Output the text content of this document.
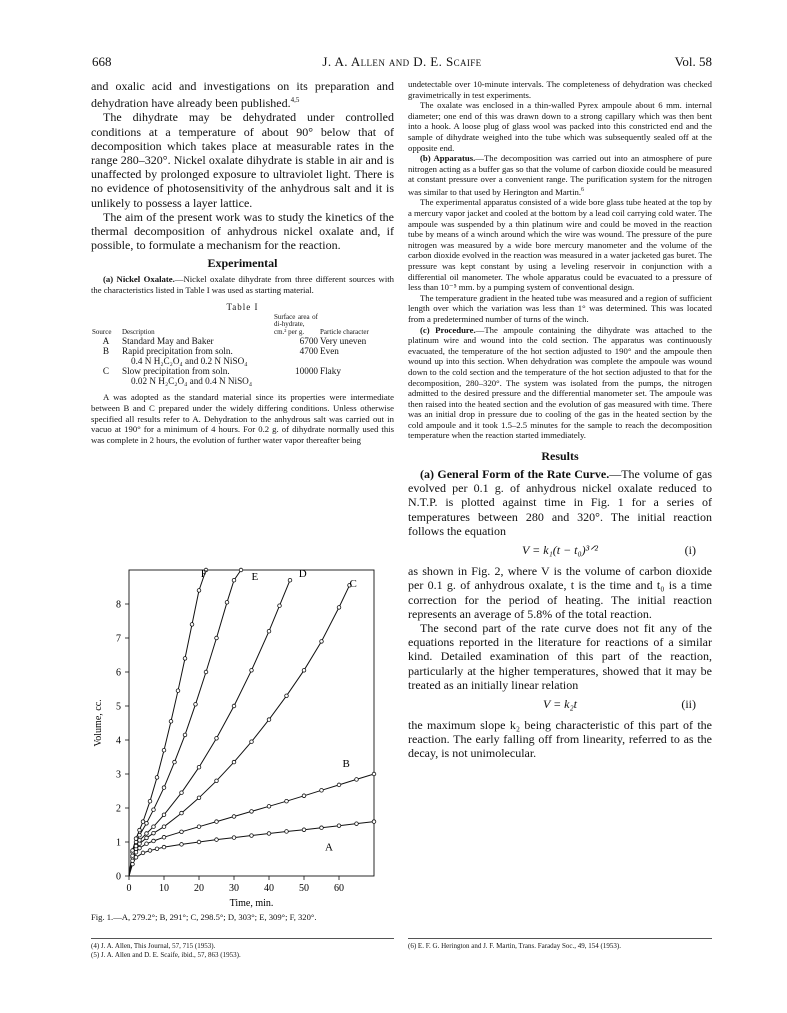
668	J. A. Allen and D. E. Scaife	Vol. 58

and oxalic acid and investigations on its preparation and dehydration have already been published.$^{4,5}$

The dihydrate may be dehydrated under controlled conditions at a temperature of about 90° below that of decomposition which takes place at measurable rates in the range 280–320°. Nickel oxalate dihydrate is stable in air and is unaffected by prolonged exposure to ultraviolet light. There is no evidence of photosensitivity of the anhydrous salt and it is unlikely to possess a layer lattice.

The aim of the present work was to study the kinetics of the thermal decomposition of anhydrous nickel oxalate and, if possible, to formulate a mechanism for the reaction.

Experimental

(a) Nickel Oxalate.—Nickel oxalate dihydrate from three different sources with the characteristics listed in Table I was used as starting material.

Table I
Source	Description	Surface area of di-hydrate, cm.² per g.	Particle character
A	Standard May and Baker	6700	Very uneven
B	Rapid precipitation from soln.	4700	Even
	0.4 N H₂C₂O₄ and 0.2 N NiSO₄		
C	Slow precipitation from soln.	10000	Flaky
	0.02 N H₂C₂O₄ and 0.4 N NiSO₄		

A was adopted as the standard material since its properties were intermediate between B and C prepared under the widely differing conditions. Unless otherwise specified all results refer to A. Dehydration to the anhydrous salt was carried out in vacuo at 190° for a minimum of 4 hours. For 0.2 g. of dihydrate normally used this was complete in 2 hours, the evolution of further water vapor thereafter being

0	10	20	30	40	50	60
0
1
2
3
4
5
6
7
8
A
B
C
D
E
F
Time, min.
Volume, cc.
Fig. 1.—A, 279.2°; B, 291°; C, 298.5°; D, 303°; E, 309°; F, 320°.
(4) J. A. Allen, This Journal, 57, 715 (1953).
(5) J. A. Allen and D. E. Scaife, ibid., 57, 863 (1953).

undetectable over 10-minute intervals. The completeness of dehydration was checked gravimetrically in test experiments.

The oxalate was enclosed in a thin-walled Pyrex ampoule about 6 mm. internal diameter; one end of this was drawn down to a strong capillary which was then bent into a hook. A loose plug of glass wool was packed into this constricted end and the sample of dihydrate weighed into the tube which was subsequently sealed off at the opposite end.

(b) Apparatus.—The decomposition was carried out into an atmosphere of pure nitrogen acting as a buffer gas so that the volume of carbon dioxide could be measured at constant pressure over a convenient range. The purification system for the nitrogen was similar to that used by Herington and Martin.$^6$

The experimental apparatus consisted of a wide bore glass tube heated at the top by a mercury vapor jacket and cooled at the bottom by a lead coil carrying cold water. The ampoule was suspended by a thin platinum wire and could be moved in the reaction tube by means of a winch around which the wire was wound. The pressure of the pure nitrogen was measured by a wide bore mercury manometer and the volume of the carbon dioxide evolved in the reaction was measured in a water jacketed gas buret. The pressure was kept constant by using a leveling reservoir in conjunction with a differential oil manometer. The whole apparatus could be evacuated to a pressure of less than 10⁻⁵ mm. by a pumping system of conventional design.

The temperature gradient in the heated tube was measured and a region of sufficient length over which the variation was less than 1° was determined. This was located from a predetermined number of turns of the winch.

(c) Procedure.—The ampoule containing the dihydrate was attached to the platinum wire and wound into the cold section. The apparatus was continuously evacuated, the temperature of the hot section adjusted to 190° and the ampoule then wound up into this section. When dehydration was complete the ampoule was wound down to the cold section and the temperature of the hot section adjusted to that for the decomposition, 280–320°. The system was isolated from the pumps, the nitrogen admitted to the desired pressure and the differential manometer set. The ampoule was then raised into the heated section and the evolution of gas measured with time. There was an initial drop in pressure due to cooling of the gas in the heated section by the cold ampoule and it took 1.5–2.5 minutes for the sample to reach the decomposition temperature when the reaction started immediately.

Results

(a) General Form of the Rate Curve.—The volume of gas evolved per 0.1 g. of anhydrous nickel oxalate reduced to N.T.P. is plotted against time in Fig. 1 for a series of temperatures between 280 and 320°. The initial reaction follows the equation

V = k₁(t − t₀)³ᐟ²	(i)

as shown in Fig. 2, where V is the volume of carbon dioxide per 0.1 g. of anhydrous oxalate, t is the time and t₀ is a time correction for the period of heating. The initial reaction represents an average of 5.8% of the total reaction.

The second part of the rate curve does not fit any of the equations reported in the literature for reactions of a similar kind. Detailed examination of this part of the reaction, particularly at the higher temperatures, showed that it may be treated as an initially linear relation

V = k₂t	(ii)

the maximum slope k₂ being characteristic of this part of the reaction. The early falling off from linearity, referred to as the decay, is not unimolecular.

(6) E. F. G. Herington and J. F. Martin, Trans. Faraday Soc., 49, 154 (1953).
